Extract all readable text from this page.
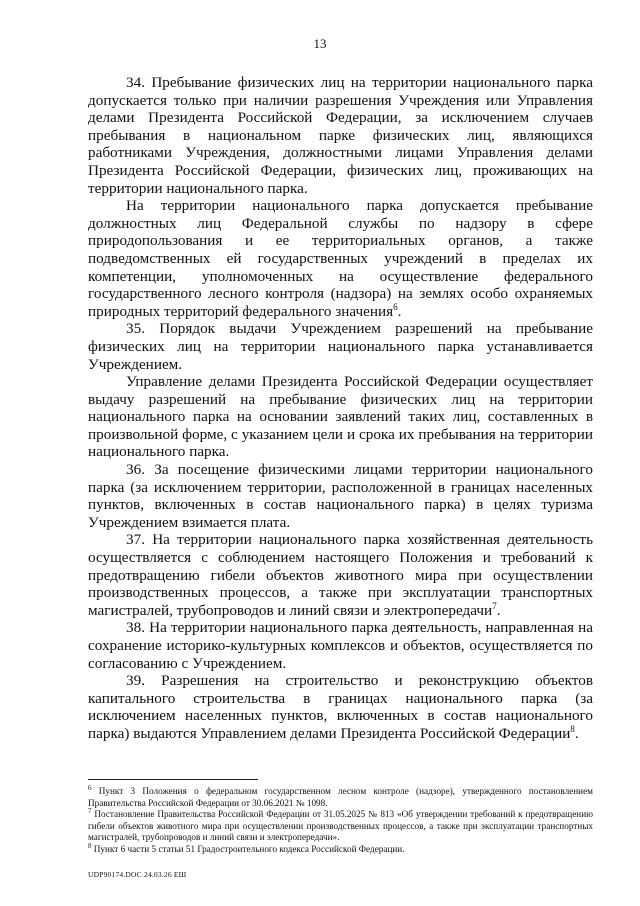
13

34. Пребывание физических лиц на территории национального парка допускается только при наличии разрешения Учреждения или Управления делами Президента Российской Федерации, за исключением случаев пребывания в национальном парке физических лиц, являющихся работниками Учреждения, должностными лицами Управления делами Президента Российской Федерации, физических лиц, проживающих на территории национального парка.

На территории национального парка допускается пребывание должностных лиц Федеральной службы по надзору в сфере природопользования и ее территориальных органов, а также подведомственных ей государственных учреждений в пределах их компетенции, уполномоченных на осуществление федерального государственного лесного контроля (надзора) на землях особо охраняемых природных территорий федерального значения$^6$.

35. Порядок выдачи Учреждением разрешений на пребывание физических лиц на территории национального парка устанавливается Учреждением.

Управление делами Президента Российской Федерации осуществляет выдачу разрешений на пребывание физических лиц на территории национального парка на основании заявлений таких лиц, составленных в произвольной форме, с указанием цели и срока их пребывания на территории национального парка.

36. За посещение физическими лицами территории национального парка (за исключением территории, расположенной в границах населенных пунктов, включенных в состав национального парка) в целях туризма Учреждением взимается плата.

37. На территории национального парка хозяйственная деятельность осуществляется с соблюдением настоящего Положения и требований к предотвращению гибели объектов животного мира при осуществлении производственных процессов, а также при эксплуатации транспортных магистралей, трубопроводов и линий связи и электропередачи$^7$.

38. На территории национального парка деятельность, направленная на сохранение историко-культурных комплексов и объектов, осуществляется по согласованию с Учреждением.

39. Разрешения на строительство и реконструкцию объектов капитального строительства в границах национального парка (за исключением населенных пунктов, включенных в состав национального парка) выдаются Управлением делами Президента Российской Федерации$^8$.

$^6$ Пункт 3 Положения о федеральном государственном лесном контроле (надзоре), утвержденного постановлением Правительства Российской Федерации от 30.06.2021 № 1098.

$^7$ Постановление Правительства Российской Федерации от 31.05.2025 № 813 «Об утверждении требований к предотвращению гибели объектов животного мира при осуществлении производственных процессов, а также при эксплуатации транспортных магистралей, трубопроводов и линий связи и электропередачи».

$^8$ Пункт 6 части 5 статьи 51 Градостроительного кодекса Российской Федерации.

UDP90174.DOC 24.03.26 ЕШ
